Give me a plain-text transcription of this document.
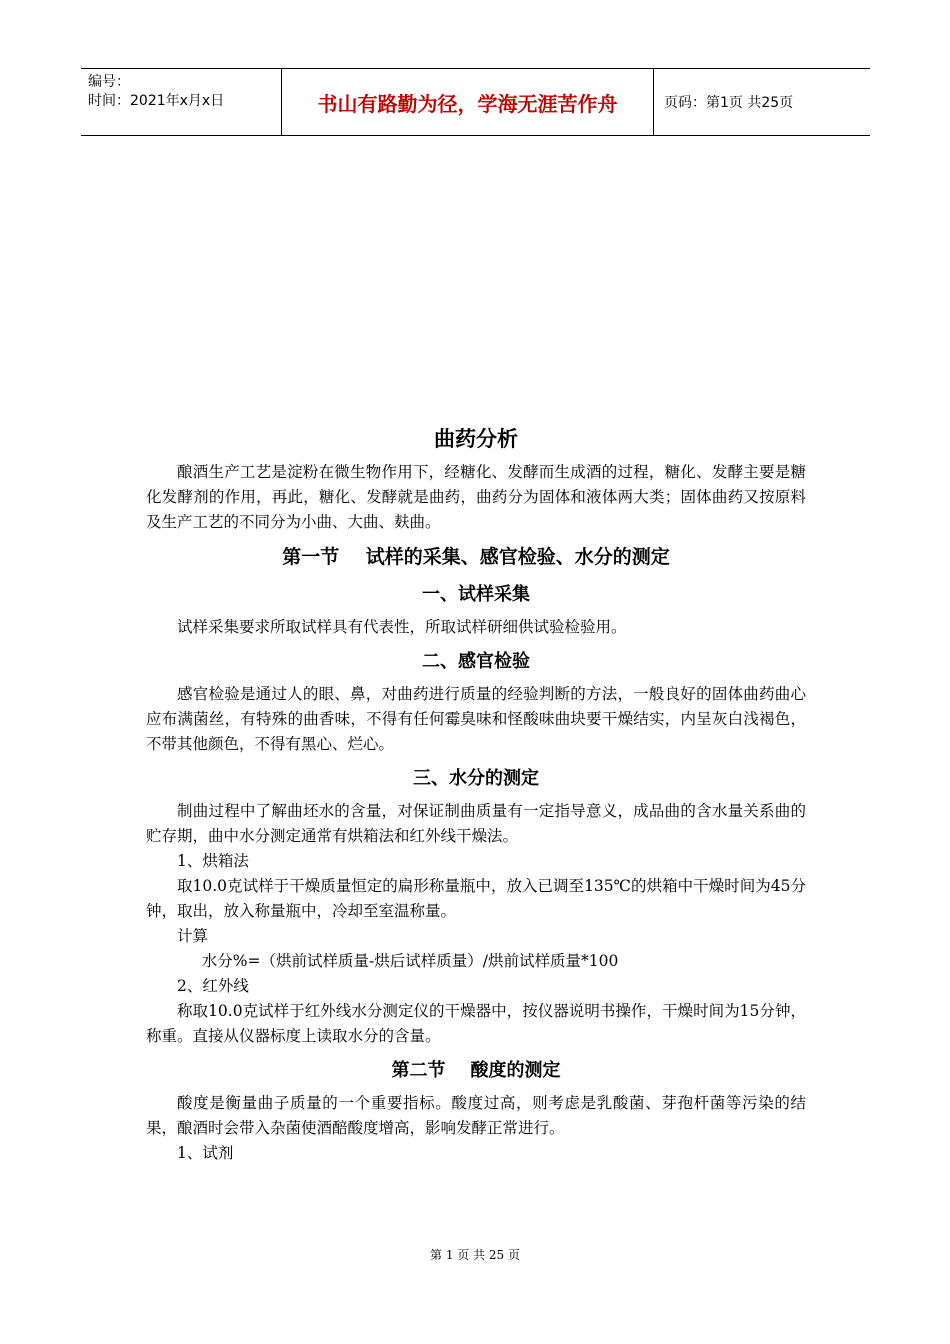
编号：
时间：2021年x月x日	书山有路勤为径，学海无涯苦作舟	页码：第1页 共25页
曲药分析

酿酒生产工艺是淀粉在微生物作用下，经糖化、发酵而生成酒的过程，糖化、发酵主要是糖化发酵剂的作用，再此，糖化、发酵就是曲药，曲药分为固体和液体两大类；固体曲药又按原料及生产工艺的不同分为小曲、大曲、麸曲。

第一节    试样的采集、感官检验、水分的测定
一、试样采集

试样采集要求所取试样具有代表性，所取试样研细供试验检验用。

二、感官检验

感官检验是通过人的眼、鼻，对曲药进行质量的经验判断的方法，一般良好的固体曲药曲心应布满菌丝，有特殊的曲香味，不得有任何霉臭味和怪酸味曲块要干燥结实，内呈灰白浅褐色，不带其他颜色，不得有黑心、烂心。

三、水分的测定

制曲过程中了解曲坯水的含量，对保证制曲质量有一定指导意义，成品曲的含水量关系曲的贮存期，曲中水分测定通常有烘箱法和红外线干燥法。

1、烘箱法

取10.0克试样于干燥质量恒定的扁形称量瓶中，放入已调至135℃的烘箱中干燥时间为45分钟，取出，放入称量瓶中，冷却至室温称量。

计算

水分%=（烘前试样质量-烘后试样质量）/烘前试样质量*100

2、红外线

称取10.0克试样于红外线水分测定仪的干燥器中，按仪器说明书操作，干燥时间为15分钟，称重。直接从仪器标度上读取水分的含量。

第二节    酸度的测定

酸度是衡量曲子质量的一个重要指标。酸度过高，则考虑是乳酸菌、芽孢杆菌等污染的结果，酿酒时会带入杂菌使酒醅酸度增高，影响发酵正常进行。

1、试剂

第 1 页 共 25 页
